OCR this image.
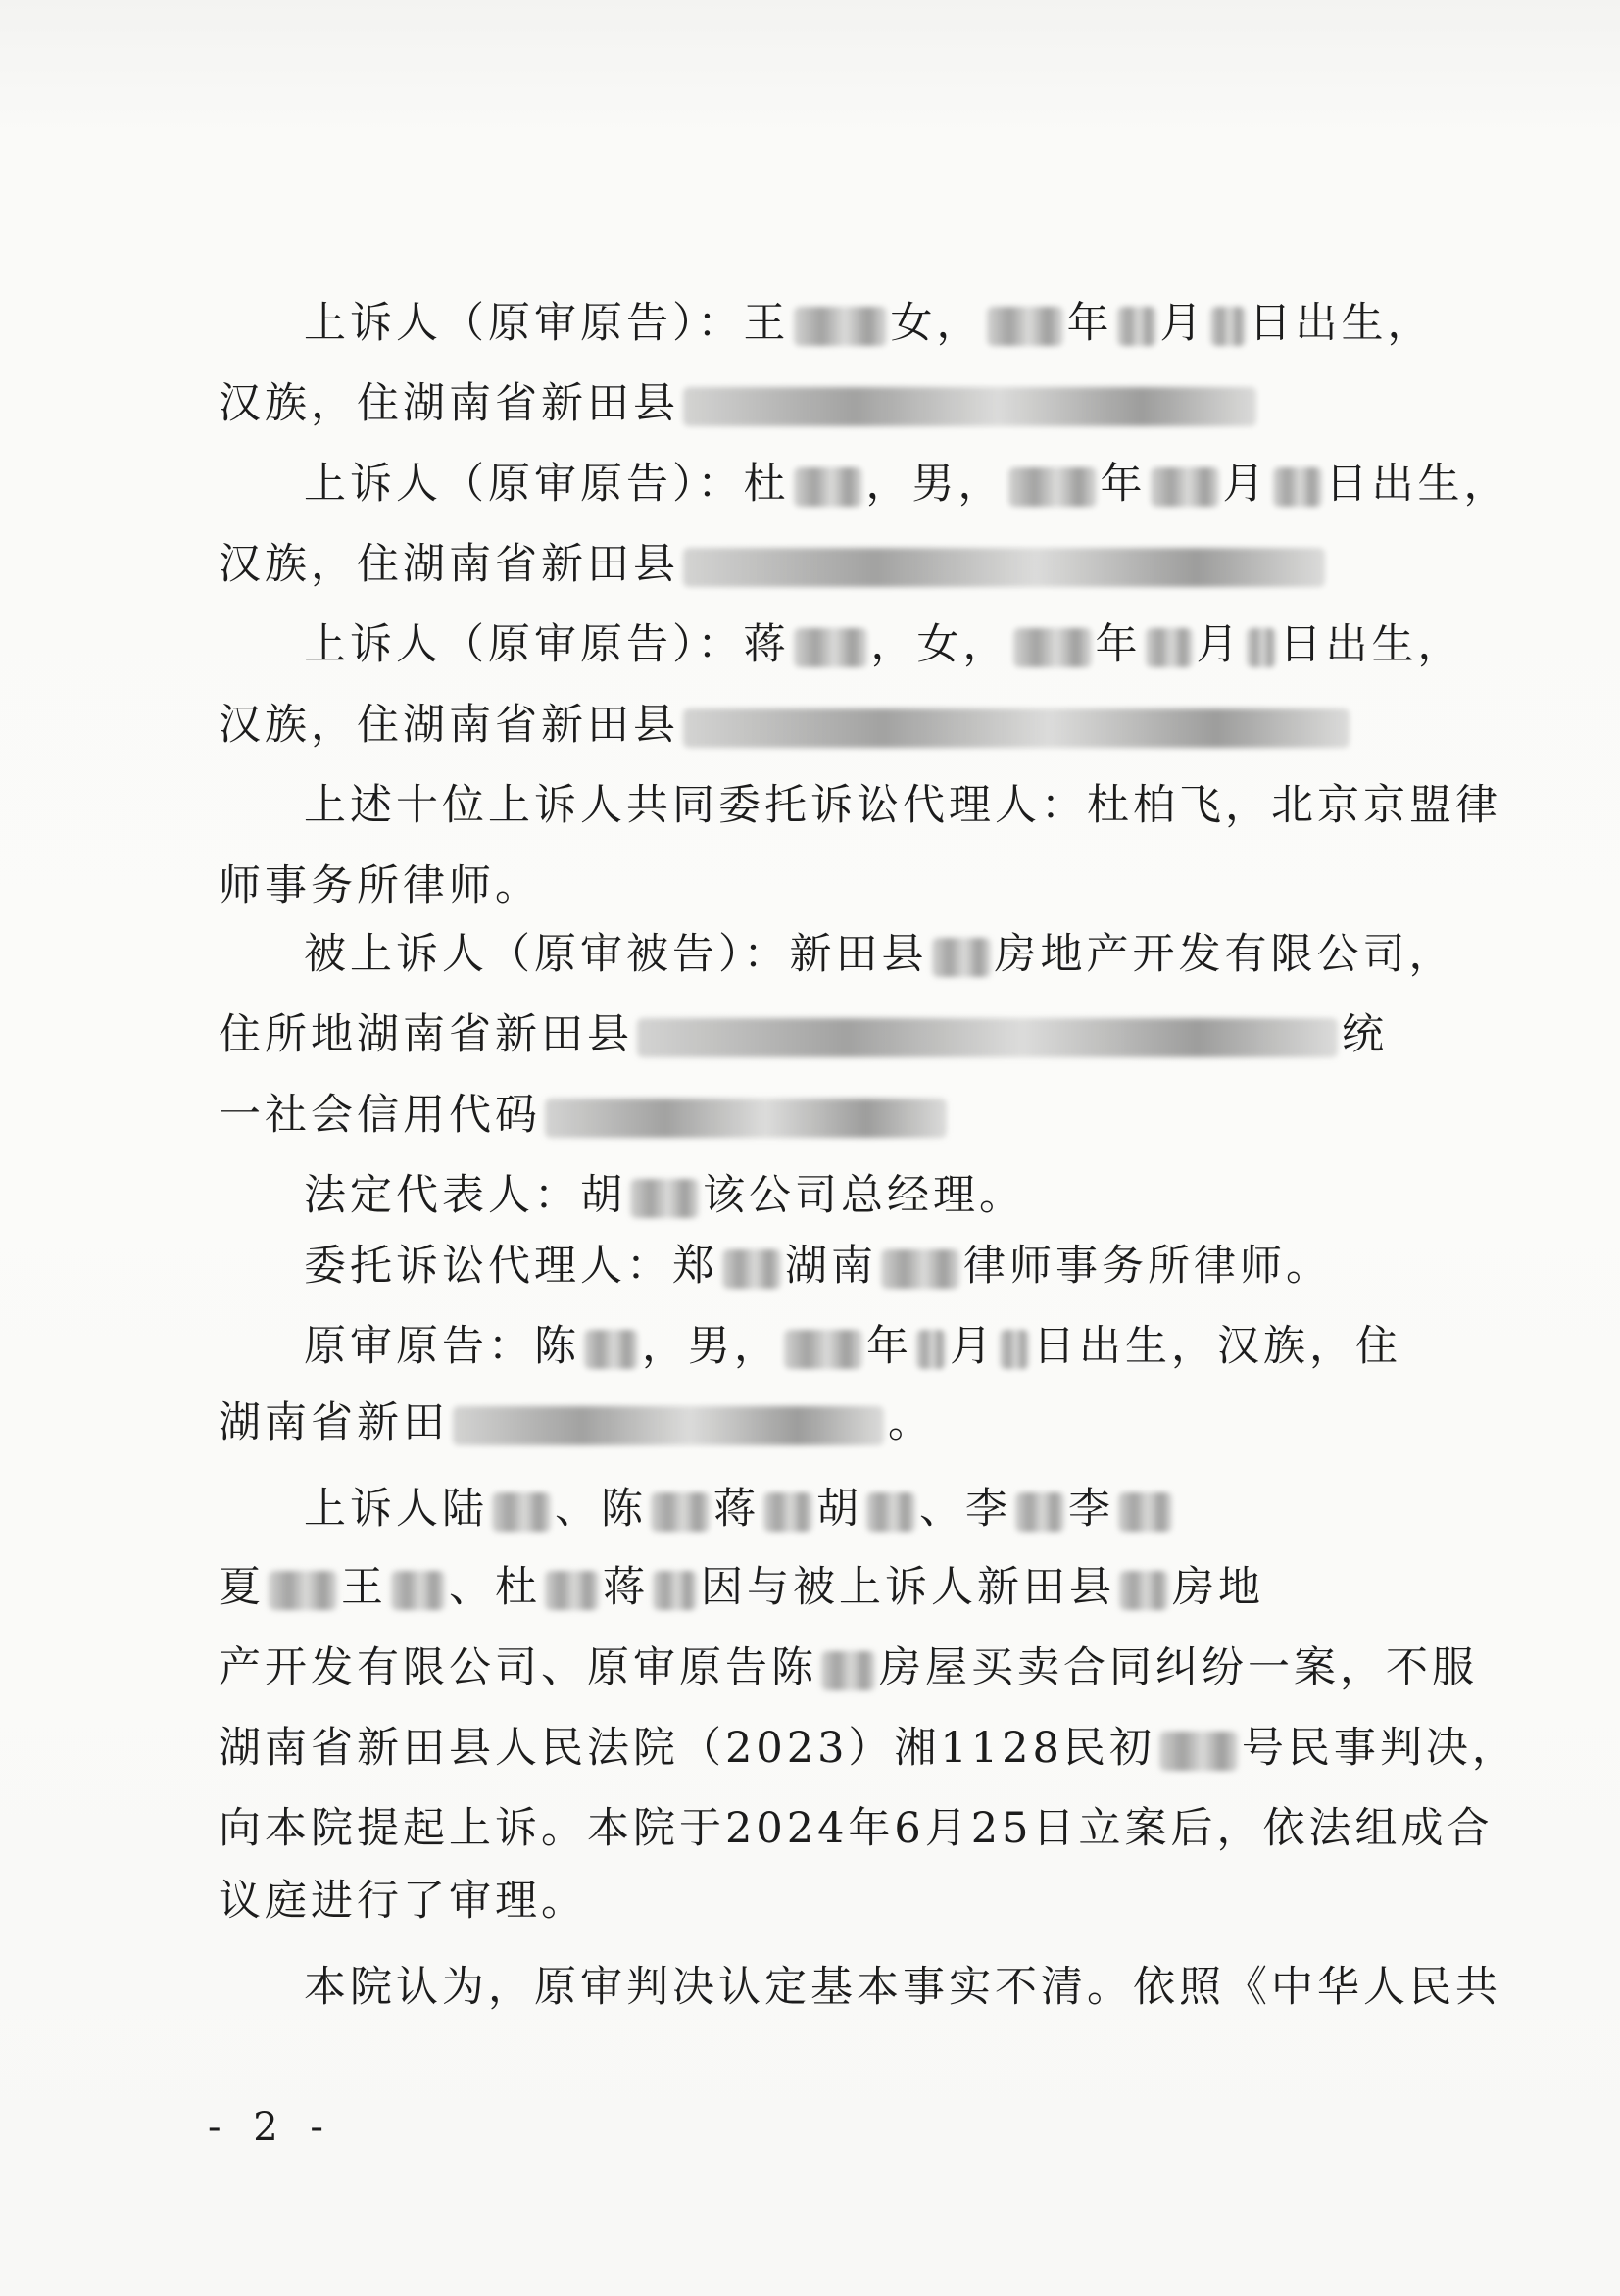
上诉人（原审原告）：王 女， 年 月 日出生，
汉族，住湖南省新田县
上诉人（原审原告）：杜 ，男， 年 月 日出生，
汉族，住湖南省新田县
上诉人（原审原告）：蒋 ，女， 年 月 日出生，
汉族，住湖南省新田县
上述十位上诉人共同委托诉讼代理人：杜柏飞，北京京盟律
师事务所律师。
被上诉人（原审被告）：新田县 房地产开发有限公司，
住所地湖南省新田县	统
一社会信用代码
法定代表人：胡 该公司总经理。
委托诉讼代理人：郑 湖南 律师事务所律师。
原审原告：陈 ，男， 年 月 日出生，汉族，住
湖南省新田	。
上诉人陆 、陈 蒋 胡 、李 李
夏 王 、杜 蒋 因与被上诉人新田县 房地
产开发有限公司、原审原告陈 房屋买卖合同纠纷一案，不服
湖南省新田县人民法院（2023）湘1128民初 号民事判决，
向本院提起上诉。本院于2024年6月25日立案后，依法组成合
议庭进行了审理。
本院认为，原审判决认定基本事实不清。依照《中华人民共
- 2 -
